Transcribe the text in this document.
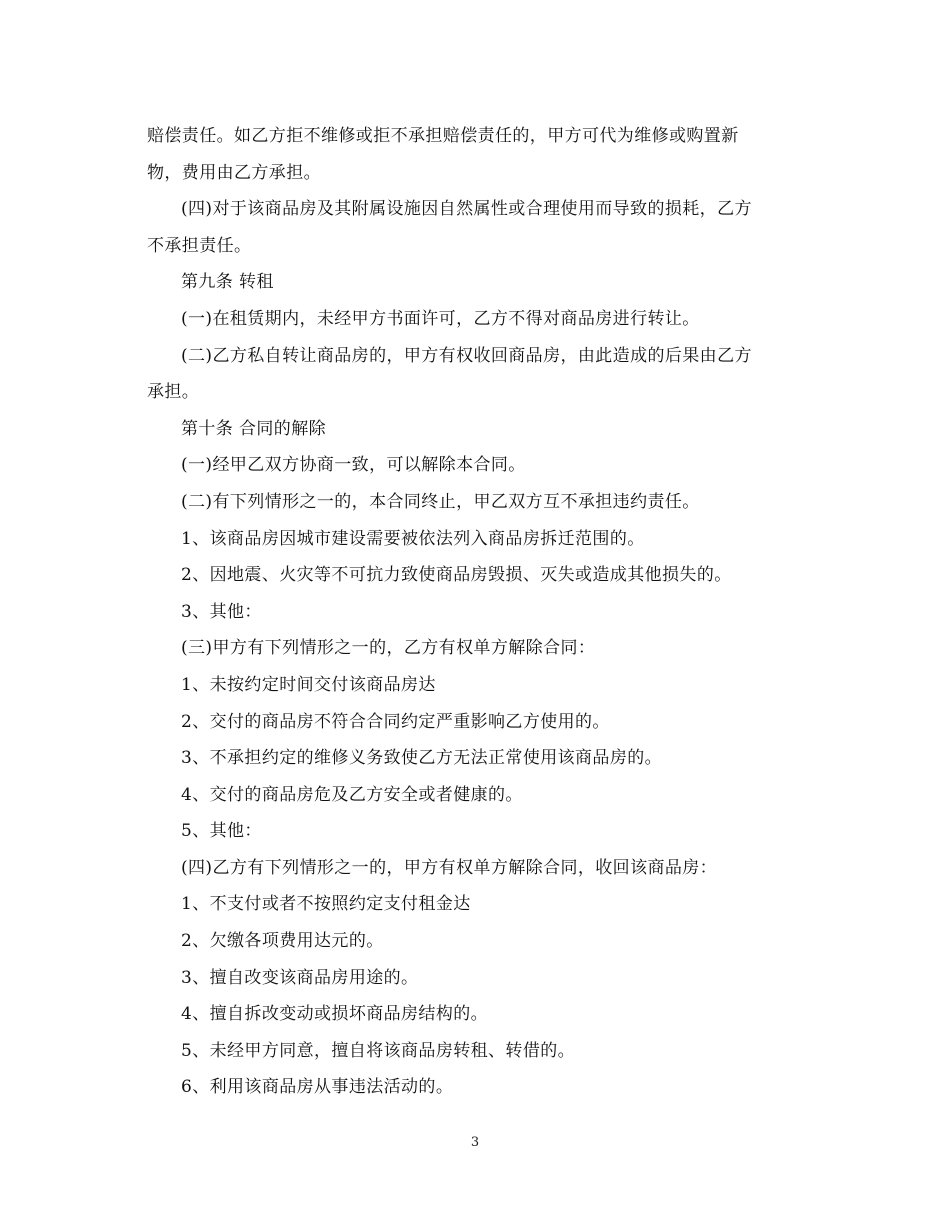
赔偿责任。如乙方拒不维修或拒不承担赔偿责任的，甲方可代为维修或购置新
物，费用由乙方承担。
(四)对于该商品房及其附属设施因自然属性或合理使用而导致的损耗，乙方
不承担责任。
第九条 转租
(一)在租赁期内，未经甲方书面许可，乙方不得对商品房进行转让。
(二)乙方私自转让商品房的，甲方有权收回商品房，由此造成的后果由乙方
承担。
第十条 合同的解除
(一)经甲乙双方协商一致，可以解除本合同。
(二)有下列情形之一的，本合同终止，甲乙双方互不承担违约责任。
1、该商品房因城市建设需要被依法列入商品房拆迁范围的。
2、因地震、火灾等不可抗力致使商品房毁损、灭失或造成其他损失的。
3、其他：
(三)甲方有下列情形之一的，乙方有权单方解除合同：
1、未按约定时间交付该商品房达
2、交付的商品房不符合合同约定严重影响乙方使用的。
3、不承担约定的维修义务致使乙方无法正常使用该商品房的。
4、交付的商品房危及乙方安全或者健康的。
5、其他：
(四)乙方有下列情形之一的，甲方有权单方解除合同，收回该商品房：
1、不支付或者不按照约定支付租金达
2、欠缴各项费用达元的。
3、擅自改变该商品房用途的。
4、擅自拆改变动或损坏商品房结构的。
5、未经甲方同意，擅自将该商品房转租、转借的。
6、利用该商品房从事违法活动的。
3
